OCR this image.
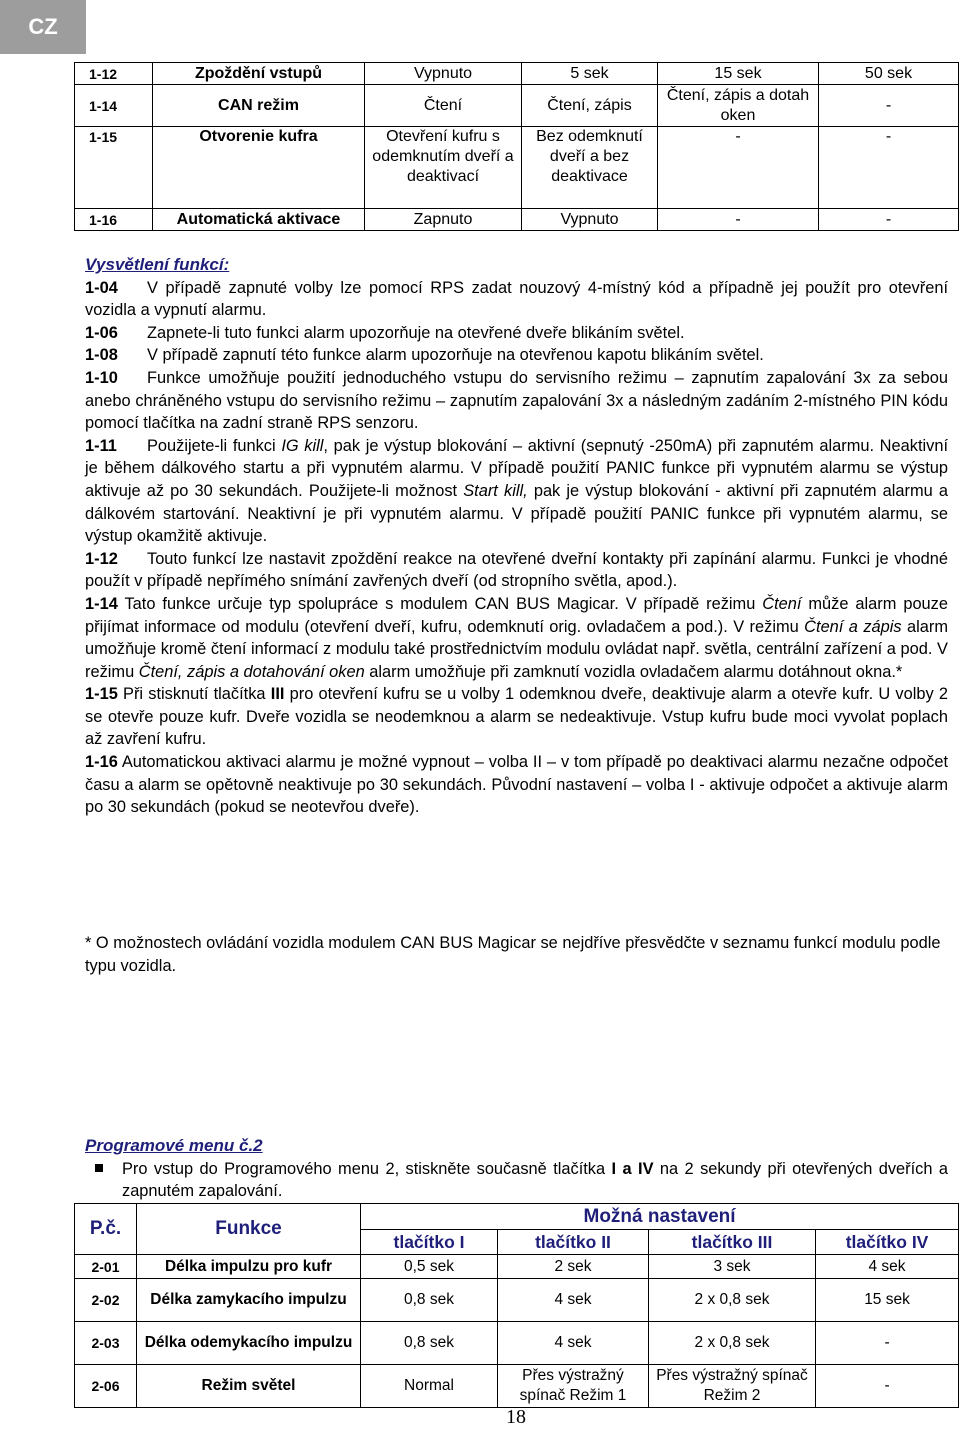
CZ
1-12	Zpoždění vstupů	Vypnuto	5 sek	15 sek	50 sek
1-14	CAN režim	Čtení	Čtení, zápis	Čtení, zápis a dotah oken	-
1-15	Otvorenie kufra	Otevření kufru s odemknutím dveří a deaktivací	Bez odemknutí dveří a bez deaktivace	-	-
1-16	Automatická aktivace	Zapnuto	Vypnuto	-	-

Vysvětlení funkcí:

1-04 V případě zapnuté volby lze pomocí RPS zadat nouzový 4-místný kód a případně jej použít pro otevření vozidla a vypnutí alarmu.

1-06 Zapnete-li tuto funkci alarm upozorňuje na otevřené dveře blikáním světel.

1-08 V případě zapnutí této funkce alarm upozorňuje na otevřenou kapotu blikáním světel.

1-10 Funkce umožňuje použití jednoduchého vstupu do servisního režimu – zapnutím zapalování 3x za sebou anebo chráněného vstupu do servisního režimu – zapnutím zapalování 3x a následným zadáním 2-místného PIN kódu pomocí tlačítka na zadní straně RPS senzoru.

1-11 Použijete-li funkci IG kill, pak je výstup blokování – aktivní (sepnutý -250mA) při zapnutém alarmu. Neaktivní je během dálkového startu a při vypnutém alarmu. V případě použití PANIC funkce při vypnutém alarmu se výstup aktivuje až po 30 sekundách. Použijete-li možnost Start kill, pak je výstup blokování - aktivní při zapnutém alarmu a dálkovém startování. Neaktivní je při vypnutém alarmu. V případě použití PANIC funkce při vypnutém alarmu, se výstup okamžitě aktivuje.

1-12 Touto funkcí lze nastavit zpoždění reakce na otevřené dveřní kontakty při zapínání alarmu. Funkci je vhodné použít v případě nepřímého snímání zavřených dveří (od stropního světla, apod.).

1-14 Tato funkce určuje typ spolupráce s modulem CAN BUS Magicar. V případě režimu Čtení může alarm pouze přijímat informace od modulu (otevření dveří, kufru, odemknutí orig. ovladačem a pod.). V režimu Čtení a zápis alarm umožňuje kromě čtení informací z modulu také prostřednictvím modulu ovládat např. světla, centrální zařízení a pod. V režimu Čtení, zápis a dotahování oken alarm umožňuje při zamknutí vozidla ovladačem alarmu dotáhnout okna.*

1-15 Při stisknutí tlačítka III pro otevření kufru se u volby 1 odemknou dveře, deaktivuje alarm a otevře kufr. U volby 2 se otevře pouze kufr. Dveře vozidla se neodemknou a alarm se nedeaktivuje. Vstup kufru bude moci vyvolat poplach až zavření kufru.

1-16 Automatickou aktivaci alarmu je možné vypnout – volba II – v tom případě po deaktivaci alarmu nezačne odpočet času a alarm se opětovně neaktivuje po 30 sekundách. Původní nastavení – volba I - aktivuje odpočet a aktivuje alarm po 30 sekundách (pokud se neotevřou dveře).

* O možnostech ovládání vozidla modulem CAN BUS Magicar se nejdříve přesvědčte v seznamu funkcí modulu podle typu vozidla.
Programové menu č.2
Pro vstup do Programového menu 2, stiskněte současně tlačítka I a IV na 2 sekundy při otevřených dveřích a zapnutém zapalování.
P.č.	Funkce	Možná nastavení			
		tlačítko I	tlačítko II	tlačítko III	tlačítko IV
2-01	Délka impulzu pro kufr	0,5 sek	2 sek	3 sek	4 sek
2-02	Délka zamykacího impulzu	0,8 sek	4 sek	2 x 0,8 sek	15 sek
2-03	Délka odemykacího impulzu	0,8 sek	4 sek	2 x 0,8 sek	-
2-06	Režim světel	Normal	Přes výstražný spínač Režim 1	Přes výstražný spínač Režim 2	-
18
